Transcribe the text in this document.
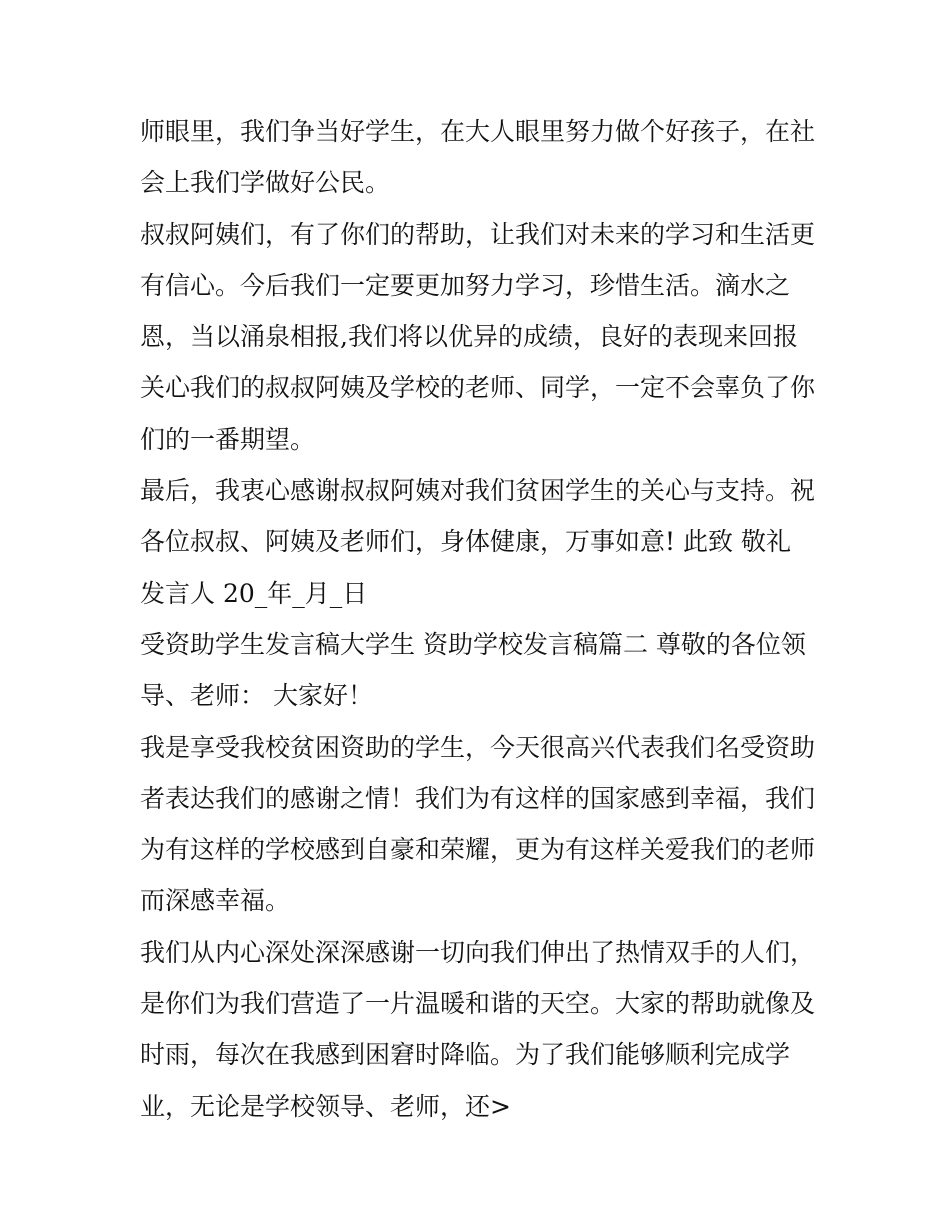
师眼里，我们争当好学生，在大人眼里努力做个好孩子，在社
会上我们学做好公民。
叔叔阿姨们，有了你们的帮助，让我们对未来的学习和生活更
有信心。今后我们一定要更加努力学习，珍惜生活。滴水之
恩，当以涌泉相报,我们将以优异的成绩，良好的表现来回报
关心我们的叔叔阿姨及学校的老师、同学，一定不会辜负了你
们的一番期望。
最后，我衷心感谢叔叔阿姨对我们贫困学生的关心与支持。祝
各位叔叔、阿姨及老师们，身体健康，万事如意! 此致 敬礼
发言人 20_年_月_日
受资助学生发言稿大学生 资助学校发言稿篇二 尊敬的各位领
导、老师： 大家好！
我是享受我校贫困资助的学生，今天很高兴代表我们名受资助
者表达我们的感谢之情！我们为有这样的国家感到幸福，我们
为有这样的学校感到自豪和荣耀，更为有这样关爱我们的老师
而深感幸福。
我们从内心深处深深感谢一切向我们伸出了热情双手的人们，
是你们为我们营造了一片温暖和谐的天空。大家的帮助就像及
时雨，每次在我感到困窘时降临。为了我们能够顺利完成学
业，无论是学校领导、老师，还>
